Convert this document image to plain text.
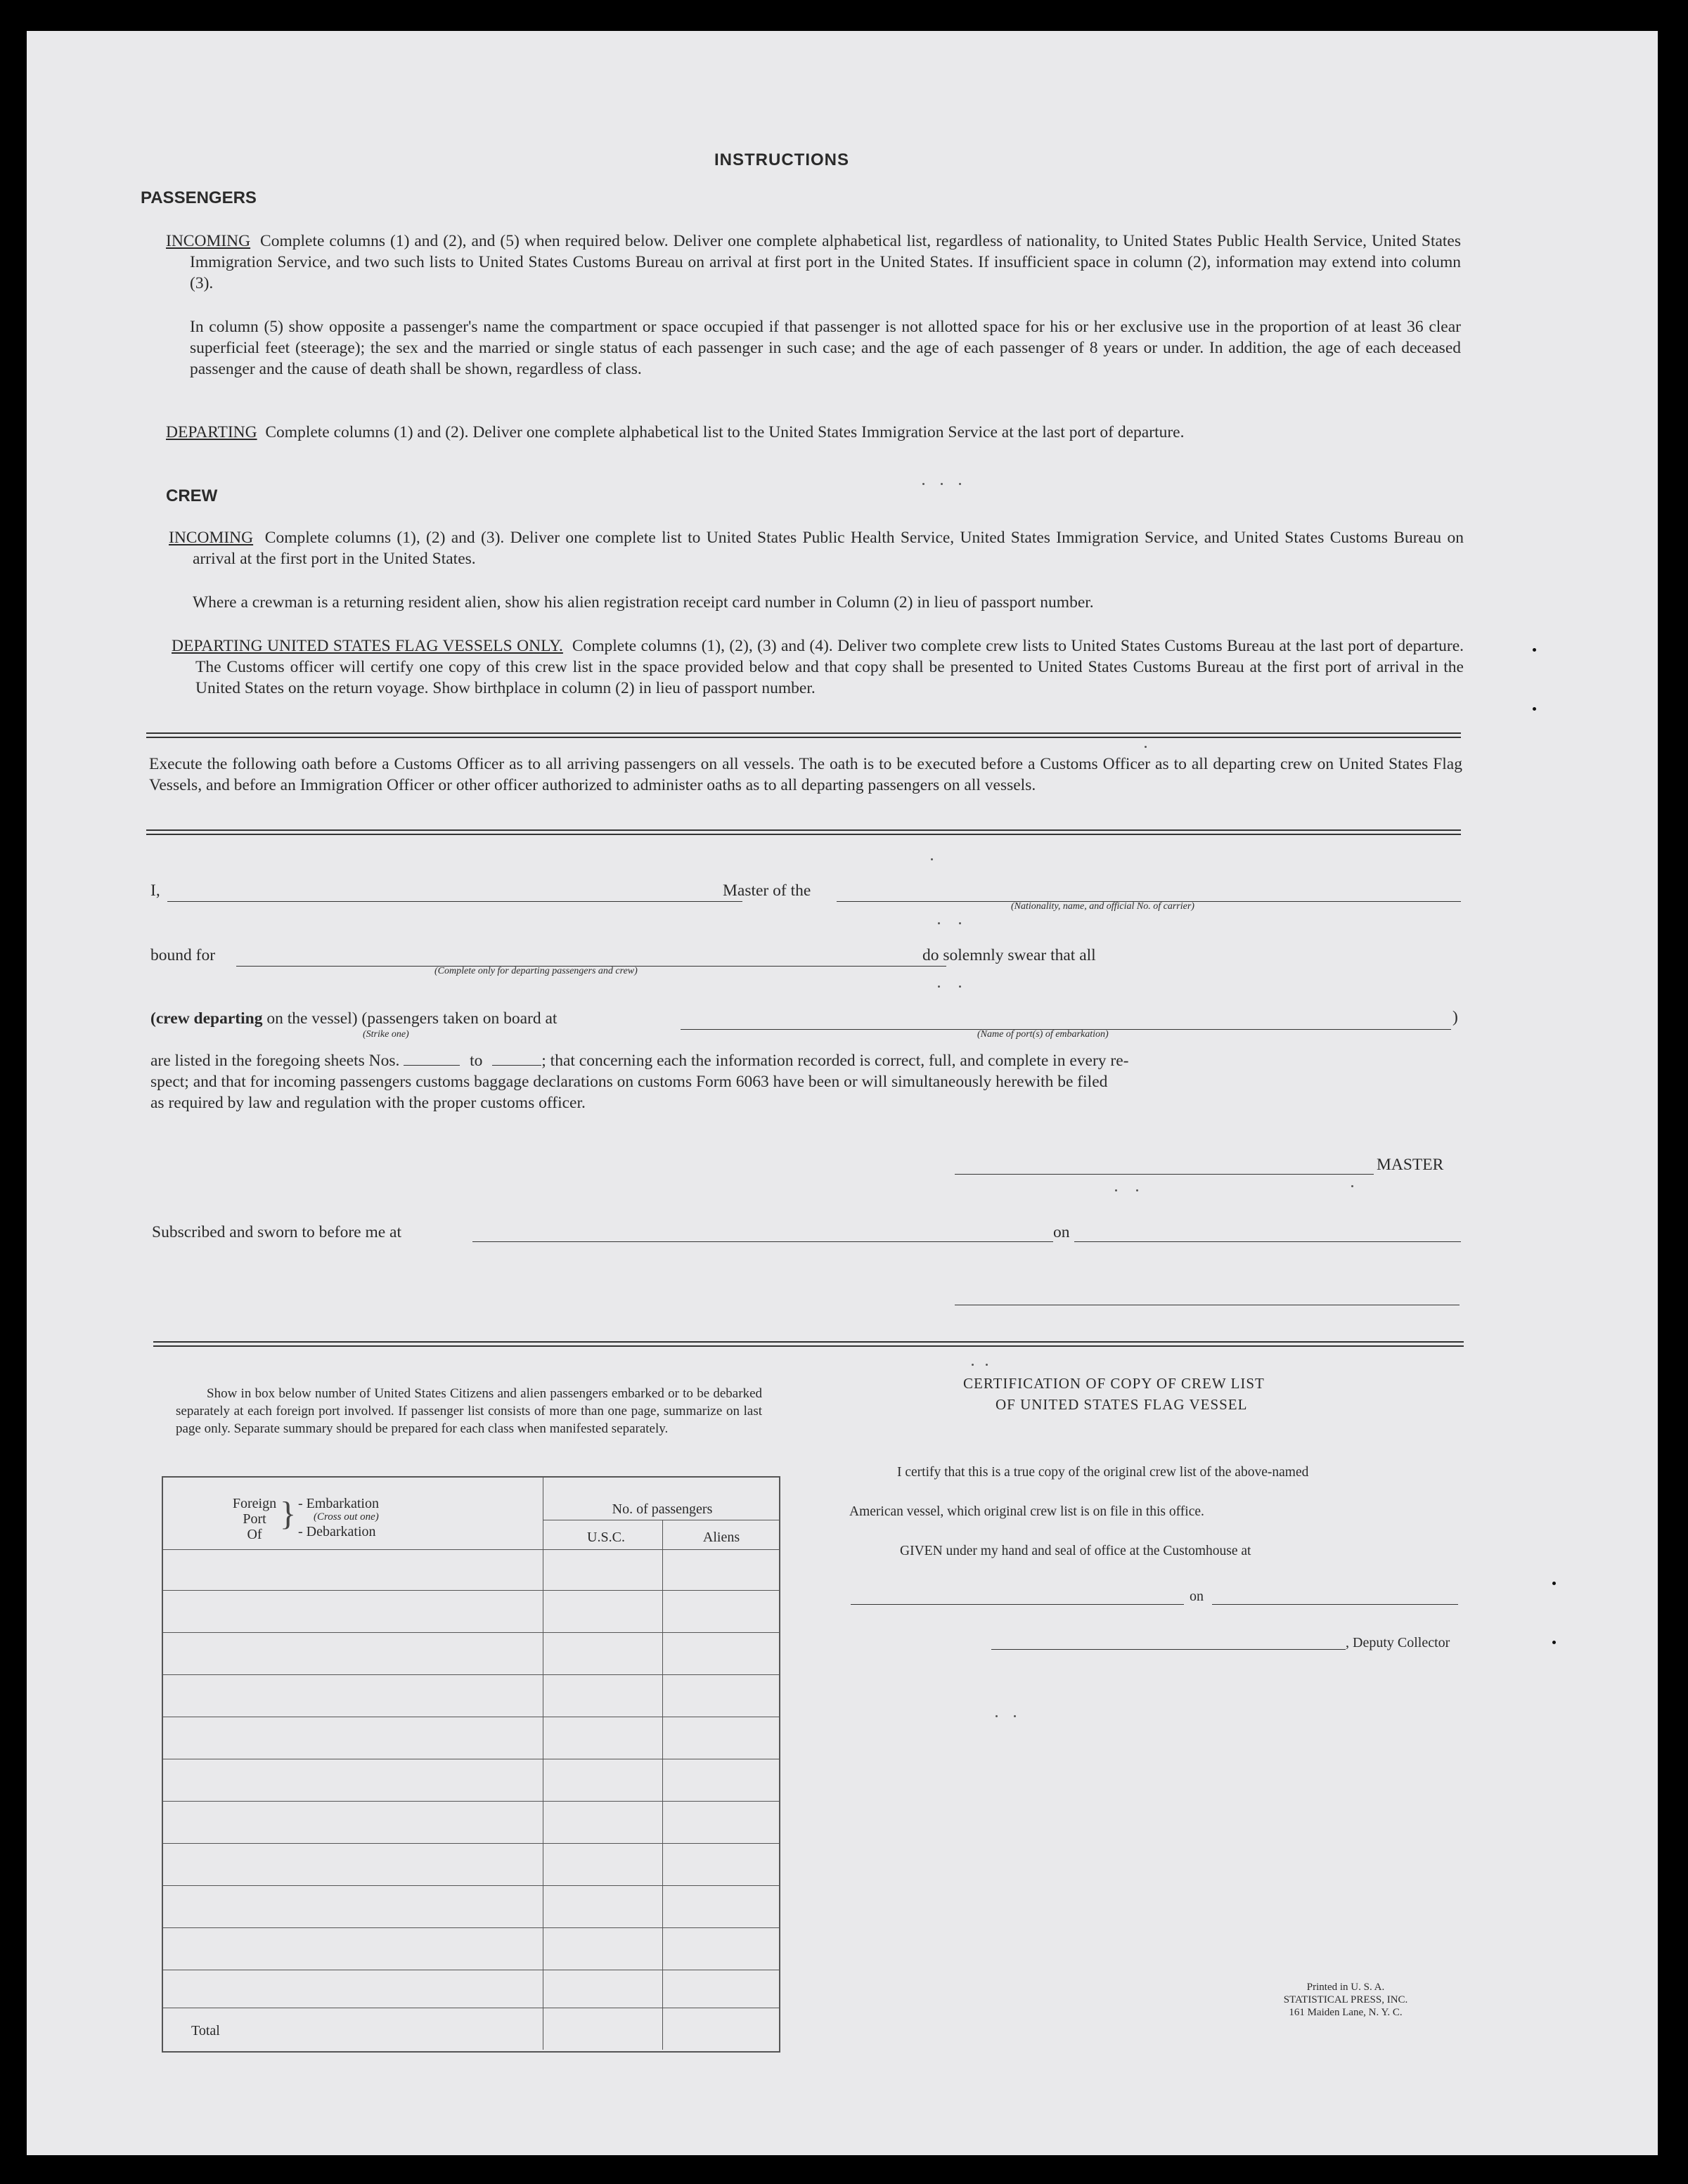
INSTRUCTIONS
PASSENGERS
INCOMING Complete columns (1) and (2), and (5) when required below. Deliver one complete alphabetical list, regardless of nationality, to United States Public Health Service, United States Immigration Service, and two such lists to United States Customs Bureau on arrival at first port in the United States. If insufficient space in column (2), information may extend into column (3).
In column (5) show opposite a passenger's name the compartment or space occupied if that passenger is not allotted space for his or her exclusive use in the proportion of at least 36 clear superficial feet (steerage); the sex and the married or single status of each passenger in such case; and the age of each passenger of 8 years or under. In addition, the age of each deceased passenger and the cause of death shall be shown, regardless of class.
DEPARTING Complete columns (1) and (2). Deliver one complete alphabetical list to the United States Immigration Service at the last port of departure.
CREW
INCOMING Complete columns (1), (2) and (3). Deliver one complete list to United States Public Health Service, United States Immigration Service, and United States Customs Bureau on arrival at the first port in the United States.
Where a crewman is a returning resident alien, show his alien registration receipt card number in Column (2) in lieu of passport number.
DEPARTING UNITED STATES FLAG VESSELS ONLY. Complete columns (1), (2), (3) and (4). Deliver two complete crew lists to United States Customs Bureau at the last port of departure. The Customs officer will certify one copy of this crew list in the space provided below and that copy shall be presented to United States Customs Bureau at the first port of arrival in the United States on the return voyage. Show birthplace in column (2) in lieu of passport number.
Execute the following oath before a Customs Officer as to all arriving passengers on all vessels. The oath is to be executed before a Customs Officer as to all departing crew on United States Flag Vessels, and before an Immigration Officer or other officer authorized to administer oaths as to all departing passengers on all vessels.
I,	Master of the
(Nationality, name, and official No. of carrier)
bound for
(Complete only for departing passengers and crew)
do solemnly swear that all
(crew departing on the vessel) (passengers taken on board at	)
(Strike one)	(Name of port(s) of embarkation)
are listed in the foregoing sheets Nos.	to	; that concerning each the information recorded is correct, full, and complete in every re-
spect; and that for incoming passengers customs baggage declarations on customs Form 6063 have been or will simultaneously herewith be filed
as required by law and regulation with the proper customs officer.
MASTER
Subscribed and sworn to before me at	on
Show in box below number of United States Citizens and alien passengers embarked or to be debarked separately at each foreign port involved. If passenger list consists of more than one page, summarize on last page only. Separate summary should be prepared for each class when manifested separately.
Foreign
Port
Of
} - Embarkation
(Cross out one)
- Debarkation
No. of passengers
U.S.C.	Aliens
Total
CERTIFICATION OF COPY OF CREW LIST
OF UNITED STATES FLAG VESSEL
I certify that this is a true copy of the original crew list of the above-named
American vessel, which original crew list is on file in this office.
GIVEN under my hand and seal of office at the Customhouse at
on
, Deputy Collector
Printed in U. S. A.
STATISTICAL PRESS, INC.
161 Maiden Lane, N. Y. C.
